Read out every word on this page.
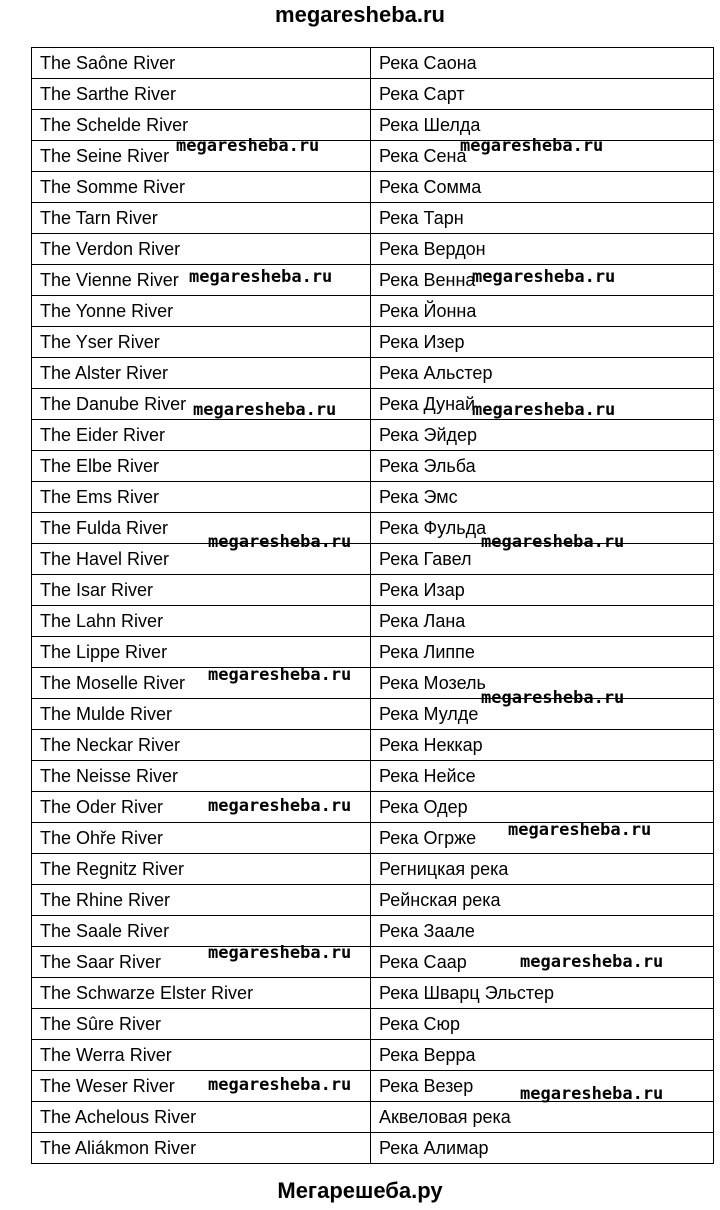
megaresheba.ru
The Saône River	Река Саона
The Sarthe River	Река Сарт
The Schelde River	Река Шелда
The Seine River	Река Сена
The Somme River	Река Сомма
The Tarn River	Река Тарн
The Verdon River	Река Вердон
The Vienne River	Река Венна
The Yonne River	Река Йонна
The Yser River	Река Изер
The Alster River	Река Альстер
The Danube River	Река Дунай
The Eider River	Река Эйдер
The Elbe River	Река Эльба
The Ems River	Река Эмс
The Fulda River	Река Фульда
The Havel River	Река Гавел
The Isar River	Река Изар
The Lahn River	Река Лана
The Lippe River	Река Липпе
The Moselle River	Река Мозель
The Mulde River	Река Мулде
The Neckar River	Река Неккар
The Neisse River	Река Нейсе
The Oder River	Река Одер
The Ohře River	Река Огрже
The Regnitz River	Регницкая река
The Rhine River	Рейнская река
The Saale River	Река Заале
The Saar River	Река Саар
The Schwarze Elster River	Река Шварц Эльстер
The Sûre River	Река Сюр
The Werra River	Река Верра
The Weser River	Река Везер
The Achelous River	Аквеловая река
The Aliákmon River	Река Алимар
megaresheba.ru	megaresheba.ru
megaresheba.ru	megaresheba.ru
megaresheba.ru	megaresheba.ru
megaresheba.ru	megaresheba.ru
megaresheba.ru
megaresheba.ru
megaresheba.ru
megaresheba.ru
megaresheba.ru	megaresheba.ru
megaresheba.ru	megaresheba.ru
Мегарешеба.ру
